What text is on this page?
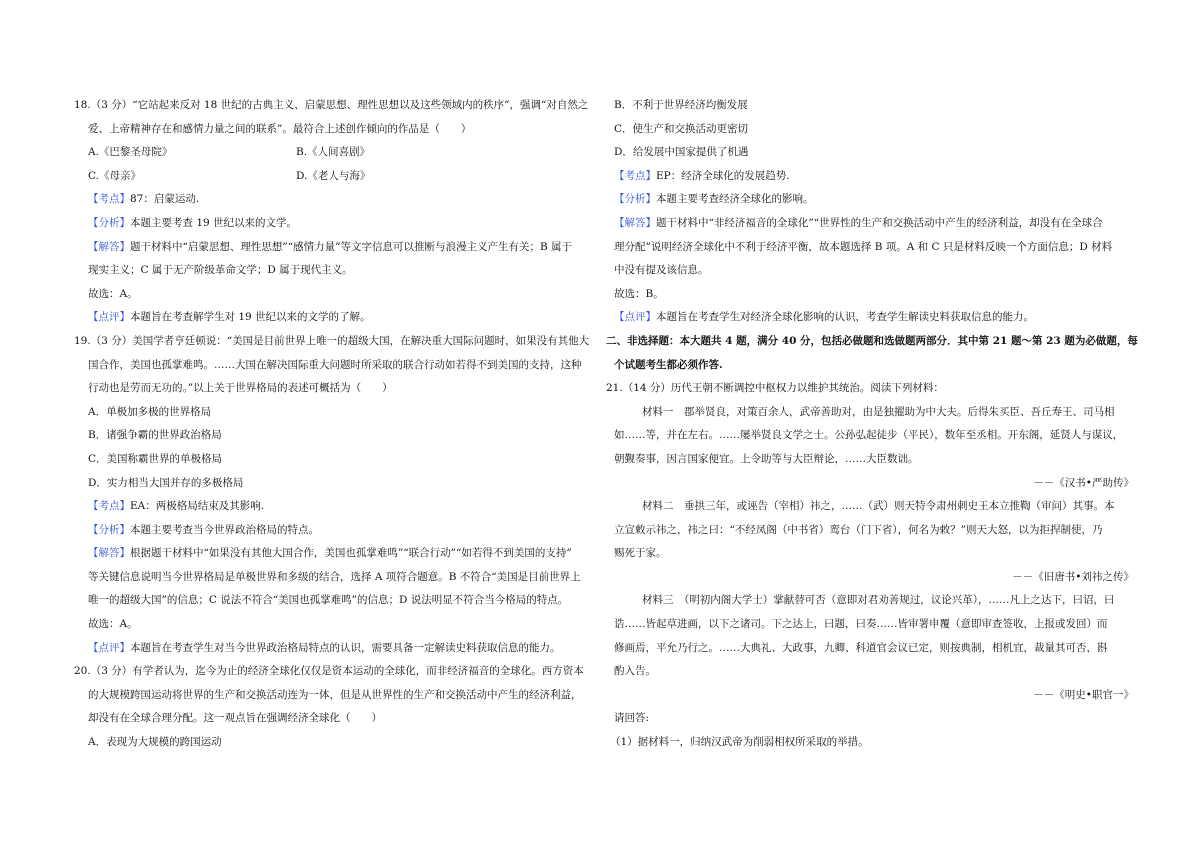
18.（3 分）“它站起来反对 18 世纪的古典主义、启蒙思想、理性思想以及这些领域内的秩序”，强调“对自然之
爱、上帝精神存在和感情力量之间的联系”。最符合上述创作倾向的作品是（　　）
A.《巴黎圣母院》	B.《人间喜剧》
C.《母亲》	D.《老人与海》
【考点】87：启蒙运动.
【分析】本题主要考查 19 世纪以来的文学。
【解答】题干材料中“启蒙思想、理性思想”“感情力量”等文字信息可以推断与浪漫主义产生有关；B 属于
现实主义；C 属于无产阶级革命文学；D 属于现代主义。
故选：A。
【点评】本题旨在考查解学生对 19 世纪以来的文学的了解。
19.（3 分）美国学者亨廷顿说：“美国是目前世界上唯一的超级大国，在解决重大国际问题时，如果没有其他大
国合作，美国也孤掌难鸣。……大国在解决国际重大问题时所采取的联合行动如若得不到美国的支持，这种
行动也是劳而无功的。”以上关于世界格局的表述可概括为（　　）
A．单极加多极的世界格局
B．诸强争霸的世界政治格局
C．美国称霸世界的单极格局
D．实力相当大国并存的多极格局
【考点】EA：两极格局结束及其影响.
【分析】本题主要考查当今世界政治格局的特点。
【解答】根据题干材料中“如果没有其他大国合作，美国也孤掌难鸣”“联合行动”“如若得不到美国的支持”
等关键信息说明当今世界格局是单极世界和多级的结合，选择 A 项符合题意。B 不符合“美国是目前世界上
唯一的超级大国”的信息；C 说法不符合“美国也孤掌难鸣”的信息；D 说法明显不符合当今格局的特点。
故选：A。
【点评】本题旨在考查学生对当今世界政治格局特点的认识，需要具备一定解读史料获取信息的能力。
20.（3 分）有学者认为，迄今为止的经济全球化仅仅是资本运动的全球化，而非经济福音的全球化。西方资本
的大规模跨国运动将世界的生产和交换活动连为一体，但是从世界性的生产和交换活动中产生的经济利益，
却没有在全球合理分配。这一观点旨在强调经济全球化（　　）
A．表现为大规模的跨国运动
B．不利于世界经济均衡发展
C．使生产和交换活动更密切
D．给发展中国家提供了机遇
【考点】EP：经济全球化的发展趋势.
【分析】本题主要考查经济全球化的影响。
【解答】题干材料中“非经济福音的全球化”“世界性的生产和交换活动中产生的经济利益，却没有在全球合
理分配”说明经济全球化中不利于经济平衡，故本题选择 B 项。A 和 C 只是材料反映一个方面信息；D 材料
中没有提及该信息。
故选：B。
【点评】本题旨在考查学生对经济全球化影响的认识，考查学生解读史料获取信息的能力。
二、非选择题：本大题共 4 题，满分 40 分，包括必做题和选做题两部分．其中第 21 题～第 23 题为必做题，每
个试题考生都必须作答.
21.（14 分）历代王朝不断调控中枢权力以维护其统治。阅读下列材料：
材料一　郡举贤良，对策百余人，武帝善助对，由是独擢助为中大夫。后得朱买臣、吾丘寿王、司马相
如……等，并在左右。……屡举贤良文学之士。公孙弘起徒步（平民），数年至丞相。开东阁，延贤人与谋议，
朝觐奏事，因言国家便宜。上令助等与大臣辩论，……大臣数诎。
－－《汉书•严助传》
材料二　垂拱三年，或诬告（宰相）祎之，……（武）则天特令肃州刺史王本立推鞫（审问）其事。本
立宣敕示祎之，祎之曰：“不经凤阁（中书省）鸾台（门下省），何名为敕？”则天大怒，以为拒捍制使，乃
赐死于家。
－－《旧唐书•刘祎之传》
材料三　（明初内阁大学士）掌献替可否（意即对君劝善规过，议论兴革），……凡上之达下，曰诏，曰
诰……皆起草进画，以下之诸司。下之达上，曰题，曰奏……皆审署申覆（意即审查签收，上报或发回）而
修画焉，平允乃行之。……大典礼、大政事，九卿、科道官会议已定，则按典制，相机宜，裁量其可否，斟
酌入告。
－－《明史•职官一》
请回答:
（1）据材料一，归纳汉武帝为削弱相权所采取的举措。
